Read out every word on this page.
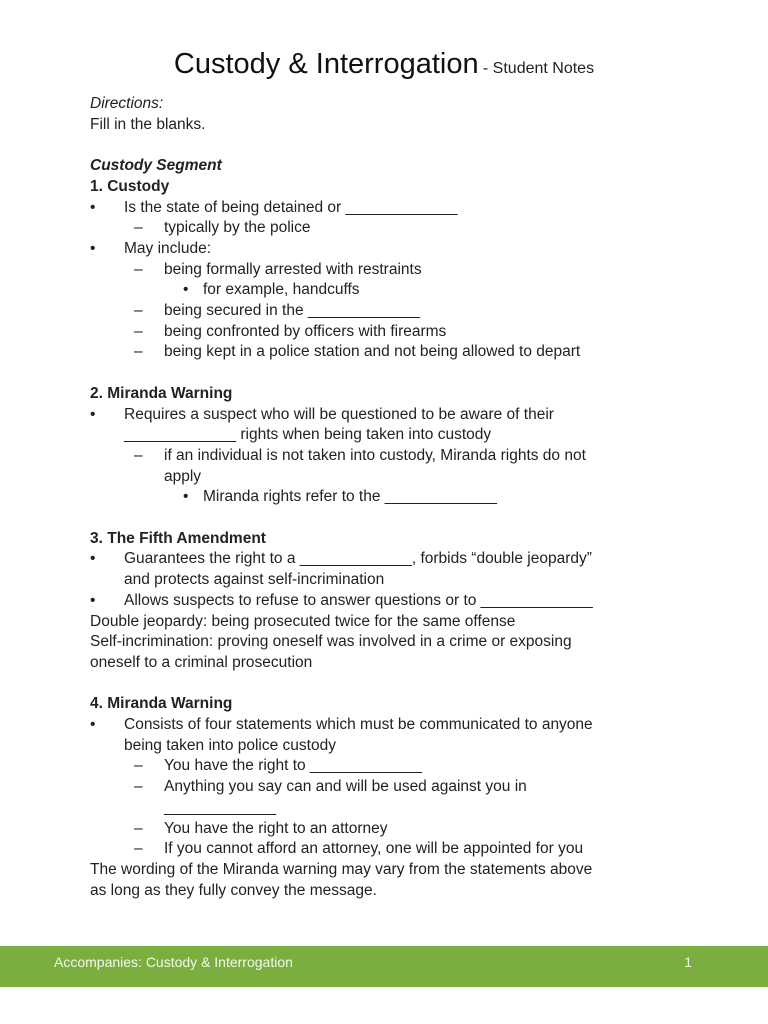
Custody & Interrogation - Student Notes
Directions:
Fill in the blanks.
Custody Segment
1. Custody
• Is the state of being detained or _____________
– typically by the police
• May include:
– being formally arrested with restraints
• for example, handcuffs
– being secured in the _____________
– being confronted by officers with firearms
– being kept in a police station and not being allowed to depart
2. Miranda Warning
• Requires a suspect who will be questioned to be aware of their
_____________ rights when being taken into custody
– if an individual is not taken into custody, Miranda rights do not
apply
• Miranda rights refer to the _____________
3. The Fifth Amendment
• Guarantees the right to a _____________, forbids “double jeopardy”
and protects against self-incrimination
• Allows suspects to refuse to answer questions or to _____________
Double jeopardy: being prosecuted twice for the same offense
Self-incrimination: proving oneself was involved in a crime or exposing
oneself to a criminal prosecution
4. Miranda Warning
• Consists of four statements which must be communicated to anyone
being taken into police custody
– You have the right to _____________
– Anything you say can and will be used against you in
_____________
– You have the right to an attorney
– If you cannot afford an attorney, one will be appointed for you
The wording of the Miranda warning may vary from the statements above
as long as they fully convey the message.
Accompanies: Custody & Interrogation	1
